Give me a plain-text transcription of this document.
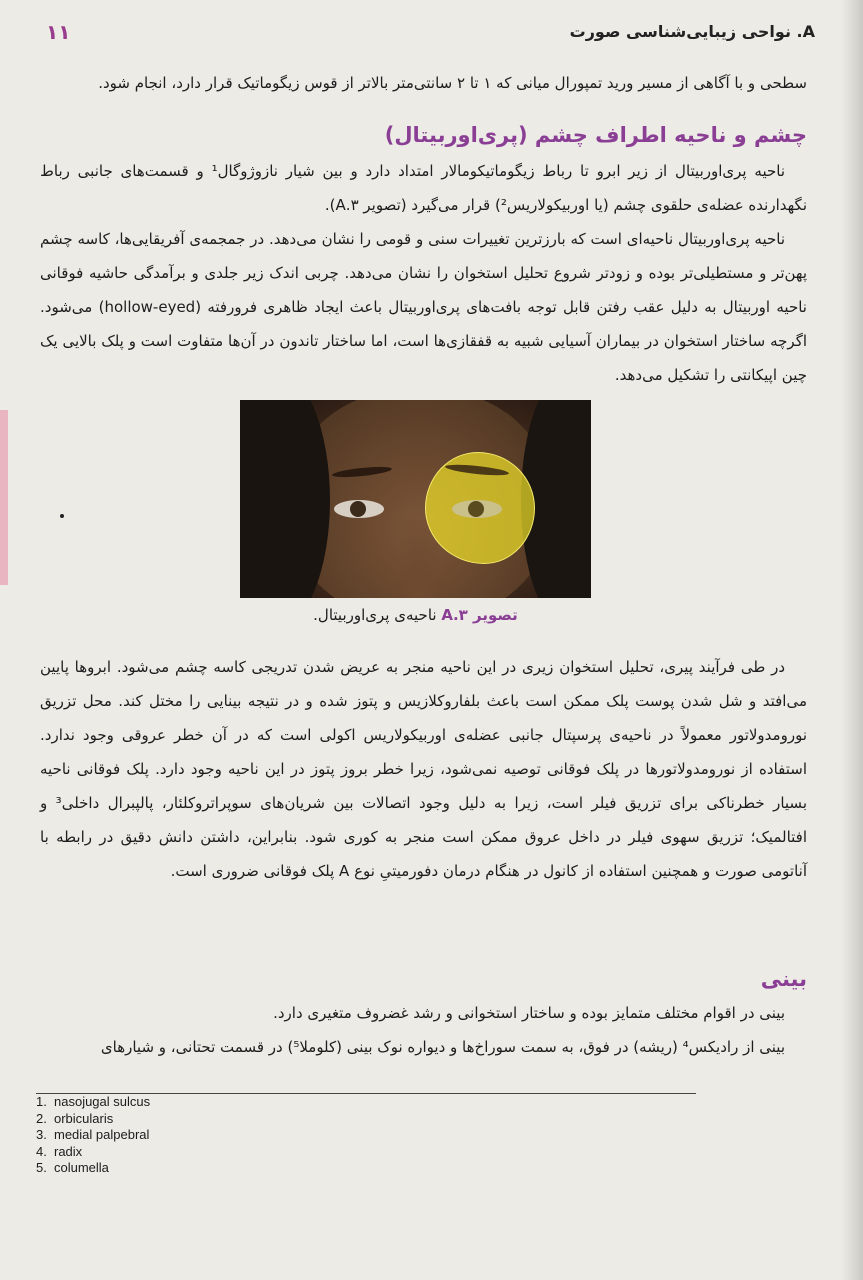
۱۱	A. نواحی زیبایی‌شناسی صورت

سطحی و با آگاهی از مسیر ورید تمپورال میانی که ۱ تا ۲ سانتی‌متر بالاتر از قوس زیگوماتیک قرار دارد، انجام شود.

چشم و ناحیه اطراف چشم (پری‌اوربیتال)

ناحیه پری‌اوربیتال از زیر ابرو تا رباط زیگوماتیکومالار امتداد دارد و بین شیار نازوژوگال¹ و قسمت‌های جانبی رباط نگهدارنده عضله‌ی حلقوی چشم (یا اوربیکولاریس²) قرار می‌گیرد (تصویر ۳.A).

ناحیه پری‌اوربیتال ناحیه‌ای است که بارزترین تغییرات سنی و قومی را نشان می‌دهد. در جمجمه‌ی آفریقایی‌ها، کاسه چشم پهن‌تر و مستطیلی‌تر بوده و زودتر شروع تحلیل استخوان را نشان می‌دهد. چربی اندک زیر جلدی و برآمدگی حاشیه فوقانی ناحیه اوربیتال به دلیل عقب رفتن قابل توجه بافت‌های پری‌اوربیتال باعث ایجاد ظاهری فرورفته (hollow-eyed) می‌شود. اگرچه ساختار استخوان در بیماران آسیایی شبیه به قفقازی‌ها است، اما ساختار تاندون در آن‌ها متفاوت است و پلک بالایی یک چین اپیکانتی را تشکیل می‌دهد.

تصویر ۳.A ناحیه‌ی پری‌اوربیتال.

در طی فرآیند پیری، تحلیل استخوان زیری در این ناحیه منجر به عریض شدن تدریجی کاسه چشم می‌شود. ابروها پایین می‌افتد و شل شدن پوست پلک ممکن است باعث بلفاروکلازیس و پتوز شده و در نتیجه بینایی را مختل کند. محل تزریق نورومدولاتور معمولاً در ناحیه‌ی پرسپتال جانبی عضله‌ی اوربیکولاریس اکولی است که در آن خطر عروقی وجود ندارد. استفاده از نورومدولاتورها در پلک فوقانی توصیه نمی‌شود، زیرا خطر بروز پتوز در این ناحیه وجود دارد. پلک فوقانی ناحیه بسیار خطرناکی برای تزریق فیلر است، زیرا به دلیل وجود اتصالات بین شریان‌های سوپراتروکلئار، پالپبرال داخلی³ و افتالمیک؛ تزریق سهوی فیلر در داخل عروق ممکن است منجر به کوری شود. بنابراین، داشتن دانش دقیق در رابطه با آناتومی صورت و همچنین استفاده از کانول در هنگام درمان دفورمیتیِ نوع A پلک فوقانی ضروری است.

بینی

بینی در اقوام مختلف متمایز بوده و ساختار استخوانی و رشد غضروف متغیری دارد.

بینی از رادیکس⁴ (ریشه) در فوق، به سمت سوراخ‌ها و دیواره نوک بینی (کلوملا⁵) در قسمت تحتانی، و شیارهای

1. nasojugal sulcus
2. orbicularis
3. medial palpebral
4. radix
5. columella
